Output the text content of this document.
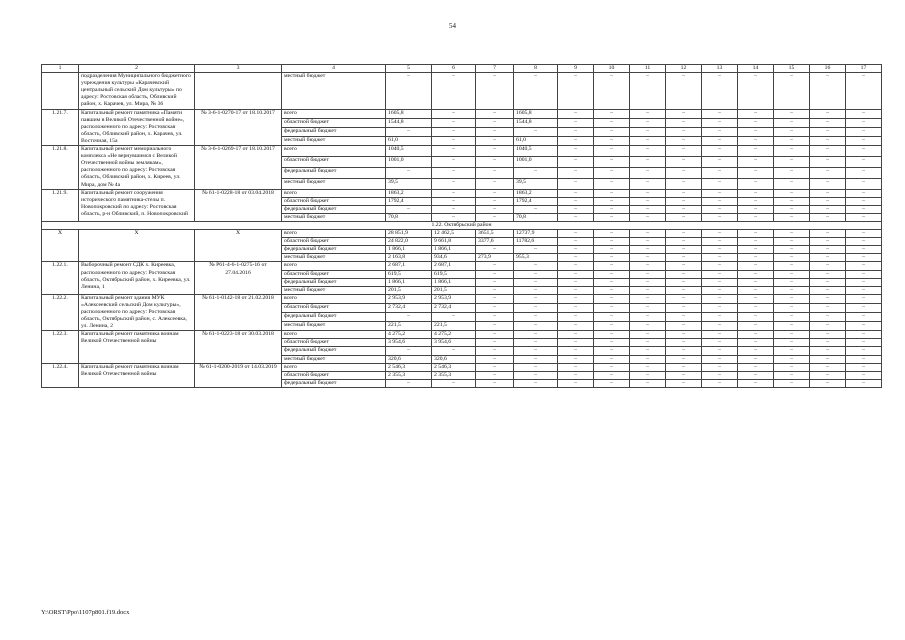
54
1	2	3	4	5	6	7	8	9	10	11	12	13	14	15	16	17
	подразделения Муниципального бюджетного учреждения культуры «Карачевский центральный сельский Дом культуры» по адресу: Ростовская область, Обливский район, х. Карачев, ул. Мира, № 36		местный бюджет	–	–	–	–	–	–	–	–	–	–	–	–	–
1.21.7.	Капитальный ремонт памятника «Памяти павшим в Великой Отечественной войне», расположенного по адресу: Ростовская область, Обливский район, х. Карачев, ул. Восточная, 15а	№ 3-6-1-0270-17 от 18.10.2017	всего	1605,8	–	–	1605,8	–	–	–	–	–	–	–	–	–
			областной бюджет	1544,8	–	–	1544,8	–	–	–	–	–	–	–	–	–
			федеральный бюджет	–	–	–	–	–	–	–	–	–	–	–	–	–
			местный бюджет	61,0	–	–	61,0	–	–	–	–	–	–	–	–	–
1.21.8.	Капитальный ремонт мемориального комплекса «Не вернувшимся с Великой Отечественной войны землякам», расположенного по адресу: Ростовская область, Обливский район, х. Киреев, ул. Мира, дом № 4а	№ 3-6-1-0269-17 от 18.10.2017	всего	1040,5	–	–	1040,5	–	–	–	–	–	–	–	–	–
			областной бюджет	1001,0	–	–	1001,0	–	–	–	–	–	–	–	–	–
			федеральный бюджет	–	–	–	–	–	–	–	–	–	–	–	–	–
			местный бюджет	39,5	–	–	39,5	–	–	–	–	–	–	–	–	–
1.21.9.	Капитальный ремонт сооружения исторического памятника-стелы п. Новопокровский по адресу: Ростовская область, р-н Обливский, п. Новопокровский	№ 61-1-0228-18 от 03.04.2018	всего	1863,2	–	–	1863,2	–	–	–	–	–	–	–	–	–
			областной бюджет	1792,4	–	–	1792,4	–	–	–	–	–	–	–	–	–
			федеральный бюджет	–	–	–	–	–	–	–	–	–	–	–	–	–
			местный бюджет	70,8	–	–	70,8	–	–	–	–	–	–	–	–	–
1.22. Октябрьский район																
X	X	X	всего	28 851,9	12 462,5	3651,5	12737,9	–	–	–	–	–	–	–	–	–
			областной бюджет	24 822,0	9 661,8	3377,6	11782,6	–	–	–	–	–	–	–	–	–
			федеральный бюджет	1 866,1	1 866,1	–	–	–	–	–	–	–	–	–	–	–
			местный бюджет	2 163,8	934,6	273,9	955,3	–	–	–	–	–	–	–	–	–
1.22.1.	Выборочный ремонт СДК х. Киреевка, расположенного по адресу: Ростовская область, Октябрьский район, х. Киреевка, ул. Ленина, 1	№ Р61-4-6-1-0275-16 от 27.04.2016	всего	2 687,1	2 687,1	–	–	–	–	–	–	–	–	–	–	–
			областной бюджет	619,5	619,5	–	–	–	–	–	–	–	–	–	–	–
			федеральный бюджет	1 866,1	1 866,1	–	–	–	–	–	–	–	–	–	–	–
			местный бюджет	201,5	201,5	–	–	–	–	–	–	–	–	–	–	–
1.22.2.	Капитальный ремонт здания МУК «Алексеевский сельский Дом культуры», расположенного по адресу: Ростовская область, Октябрьский район, с. Алексеевка, ул. Ленина, 2	№ 61-1-0142-18 от 21.02.2018	всего	2 953,9	2 953,9	–	–	–	–	–	–	–	–	–	–	–
			областной бюджет	2 732,4	2 732,4	–	–	–	–	–	–	–	–	–	–	–
			федеральный бюджет	–	–	–	–	–	–	–	–	–	–	–	–	–
			местный бюджет	221,5	221,5	–	–	–	–	–	–	–	–	–	–	–
1.22.3.	Капитальный ремонт памятника воинам Великой Отечественной войны	№ 61-1-0223-18 от 30.03.2018	всего	4 275,2	4 275,2	–	–	–	–	–	–	–	–	–	–	–
			областной бюджет	3 954,6	3 954,6	–	–	–	–	–	–	–	–	–	–	–
			федеральный бюджет	–	–	–	–	–	–	–	–	–	–	–	–	–
			местный бюджет	320,6	320,6	–	–	–	–	–	–	–	–	–	–	–
1.22.4.	Капитальный ремонт памятника воинам Великой Отечественной войны	№ 61-1-0200-2019 от 14.03.2019	всего	2 546,3	2 546,3	–	–	–	–	–	–	–	–	–	–	–
			областной бюджет	2 355,3	2 355,3	–	–	–	–	–	–	–	–	–	–	–
			федеральный бюджет	–	–	–	–	–	–	–	–	–	–	–	–	–
Y:\ORST\Ppo\1107p801.f19.docx
